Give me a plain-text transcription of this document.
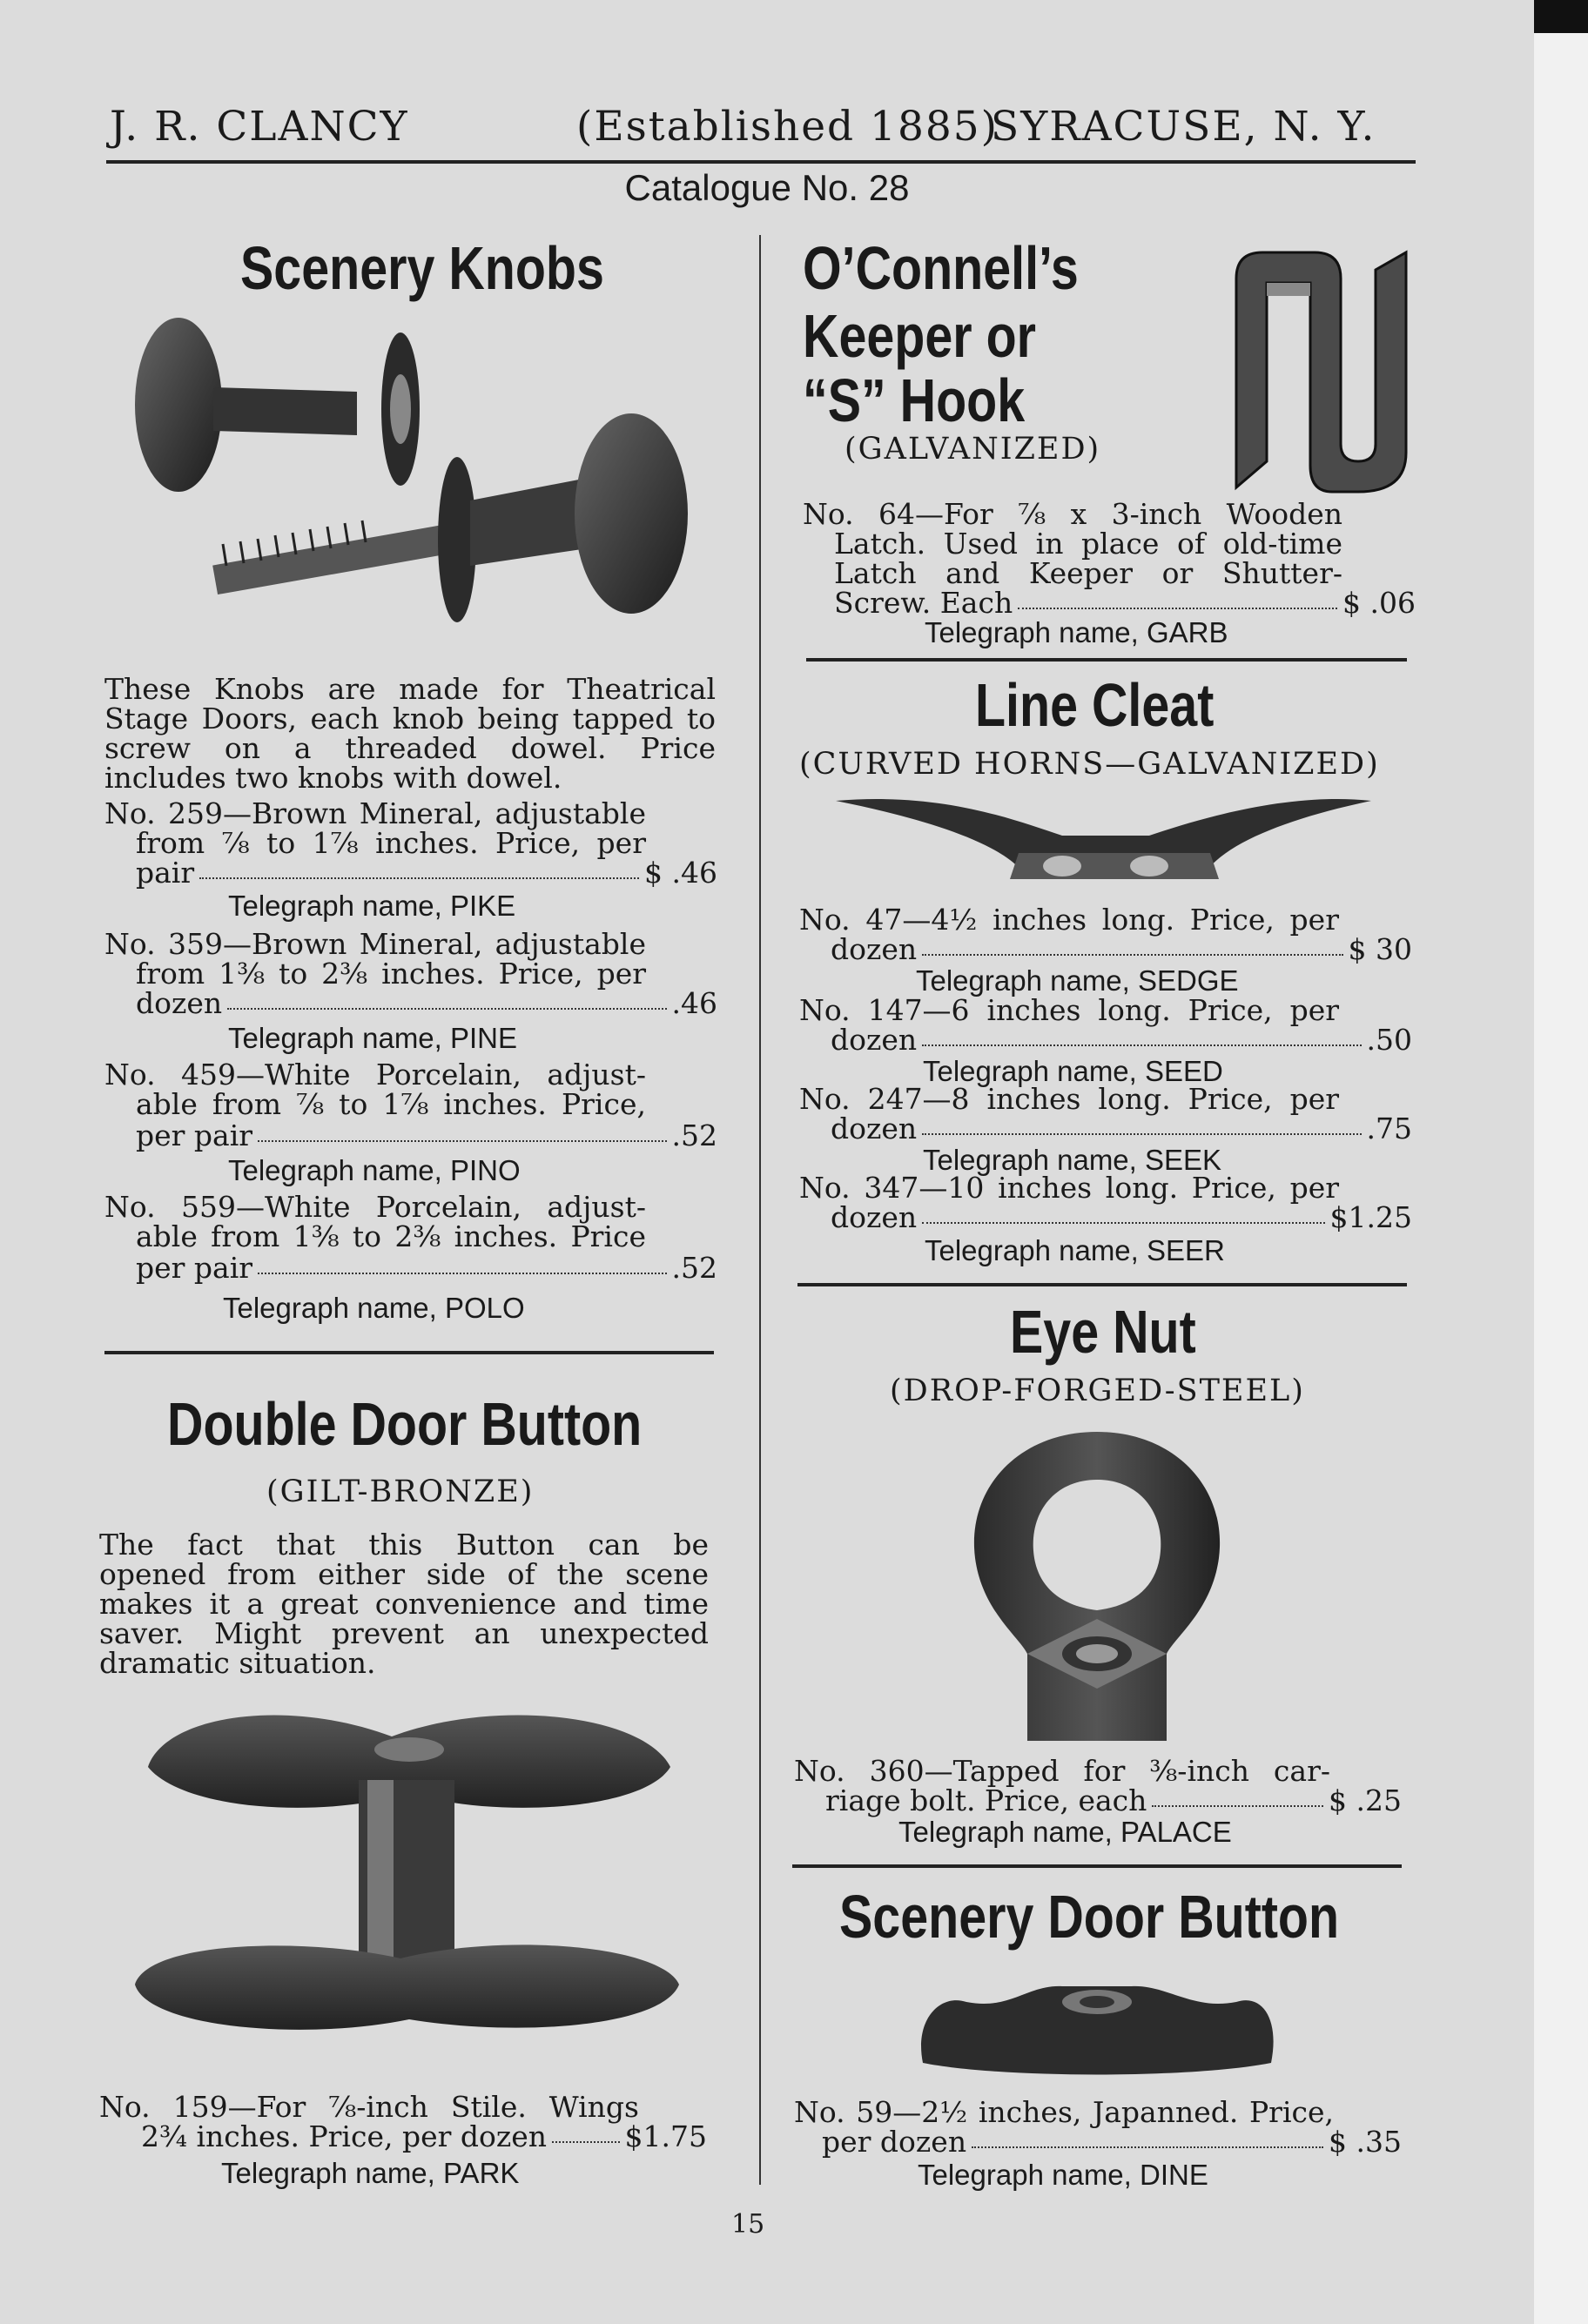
J. R. CLANCY	(Established 1885)
SYRACUSE, N. Y.
Catalogue No. 28
Scenery Knobs
These Knobs are made for Theatrical
Stage Doors, each knob being tapped to
screw on a threaded dowel. Price
includes two knobs with dowel.
No. 259—Brown Mineral, adjustable
from ⅞ to 1⅞ inches. Price, per
pair	$ .46
Telegraph name, PIKE
No. 359—Brown Mineral, adjustable
from 1⅜ to 2⅜ inches. Price, per
dozen	.46
Telegraph name, PINE
No. 459—White Porcelain, adjust-
able from ⅞ to 1⅞ inches. Price,
per pair	.52
Telegraph name, PINO
No. 559—White Porcelain, adjust-
able from 1⅜ to 2⅜ inches. Price
per pair	.52
Telegraph name, POLO
Double Door Button
(GILT-BRONZE)
The fact that this Button can be
opened from either side of the scene
makes it a great convenience and time
saver. Might prevent an unexpected
dramatic situation.
No. 159—For ⅞-inch Stile. Wings
2¾ inches. Price, per dozen	$1.75
Telegraph name, PARK
O’Connell’s
Keeper or
“S” Hook
(GALVANIZED)
No. 64—For ⅞ x 3-inch Wooden
Latch. Used in place of old-time
Latch and Keeper or Shutter-
Screw. Each	$ .06
Telegraph name, GARB
Line Cleat
(CURVED HORNS—GALVANIZED)
No. 47—4½ inches long. Price, per
dozen	$ 30
Telegraph name, SEDGE
No. 147—6 inches long. Price, per
dozen	.50
Telegraph name, SEED
No. 247—8 inches long. Price, per
dozen	.75
Telegraph name, SEEK
No. 347—10 inches long. Price, per
dozen	$1.25
Telegraph name, SEER
Eye Nut
(DROP-FORGED-STEEL)
No. 360—Tapped for ⅜-inch car-
riage bolt. Price, each	$ .25
Telegraph name, PALACE
Scenery Door Button
No. 59—2½ inches, Japanned. Price,
per dozen	$ .35
Telegraph name, DINE
15
